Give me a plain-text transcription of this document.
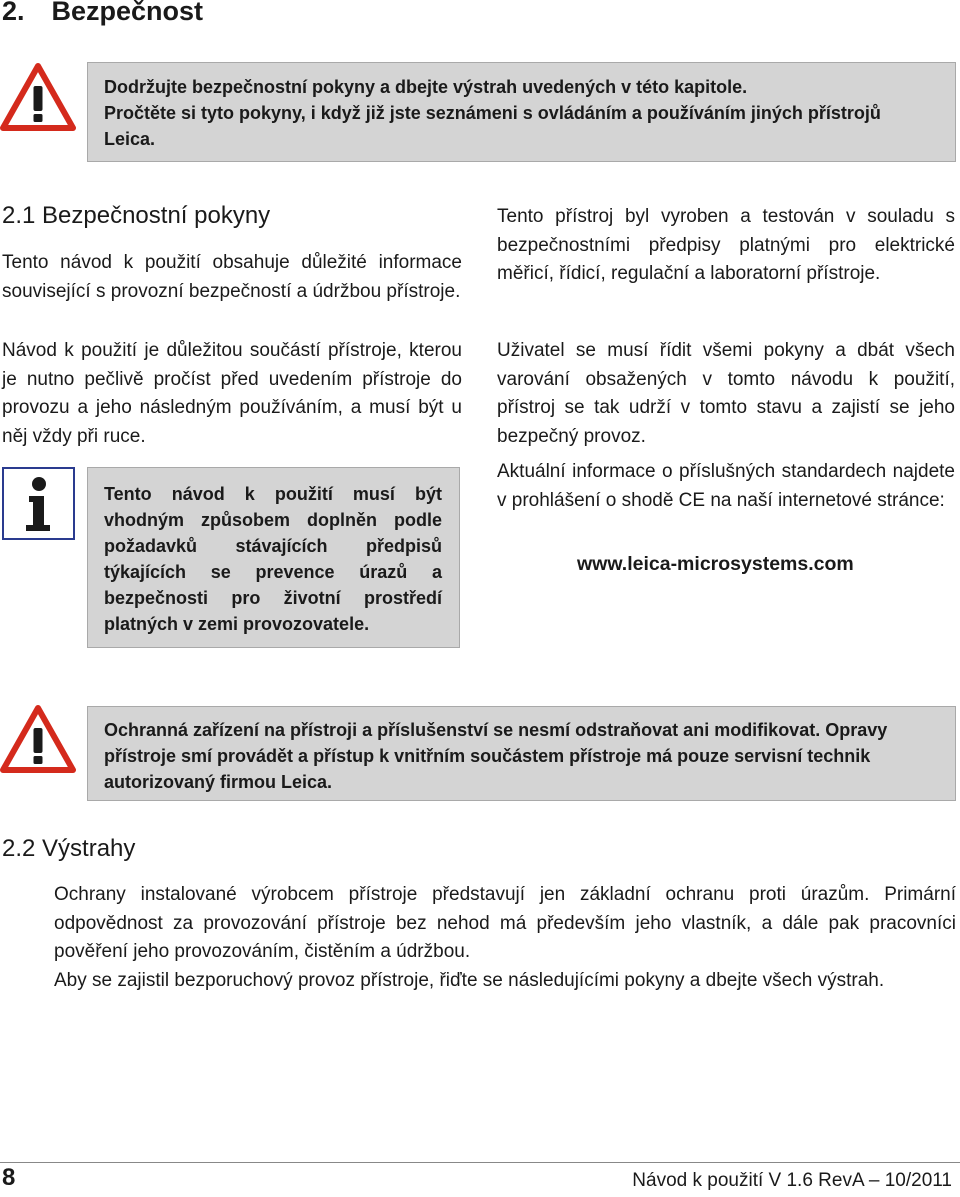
2. Bezpečnost

Dodržujte bezpečnostní pokyny a dbejte výstrah uvedených v této kapitole.

Pročtěte si tyto pokyny, i když již jste seznámeni s ovládáním a používáním jiných přístrojů

Leica.

2.1 Bezpečnostní pokyny

Tento návod k použití obsahuje důležité informace související s provozní bezpečností a údržbou přístroje.

Návod k použití je důležitou součástí přístroje, kterou je nutno pečlivě pročíst před uvedením přístroje do provozu a jeho následným používáním, a musí být u něj vždy při ruce.

Tento návod k použití musí být vhodným způsobem doplněn podle požadavků stávajících předpisů týkajících se prevence úrazů a bezpečnosti pro životní prostředí platných v zemi provozovatele.

Tento přístroj byl vyroben a testován v souladu s bezpečnostními předpisy platnými pro elektrické měřicí, řídicí, regulační a laboratorní přístroje.

Uživatel se musí řídit všemi pokyny a dbát všech varování obsažených v tomto návodu k použití, přístroj se tak udrží v tomto stavu a zajistí se jeho bezpečný provoz.

Aktuální informace o příslušných standardech najdete v prohlášení o shodě CE na naší internetové stránce:

www.leica-microsystems.com

Ochranná zařízení na přístroji a příslušenství se nesmí odstraňovat ani modifikovat. Opravy přístroje smí provádět a přístup k vnitřním součástem přístroje má pouze servisní technik autorizovaný firmou Leica.

2.2 Výstrahy

Ochrany instalované výrobcem přístroje představují jen základní ochranu proti úrazům. Primární odpovědnost za provozování přístroje bez nehod má především jeho vlastník, a dále pak pracovníci pověření jeho provozováním, čistěním a údržbou.

Aby se zajistil bezporuchový provoz přístroje, řiďte se následujícími pokyny a dbejte všech výstrah.

8	Návod k použití V 1.6 RevA – 10/2011
